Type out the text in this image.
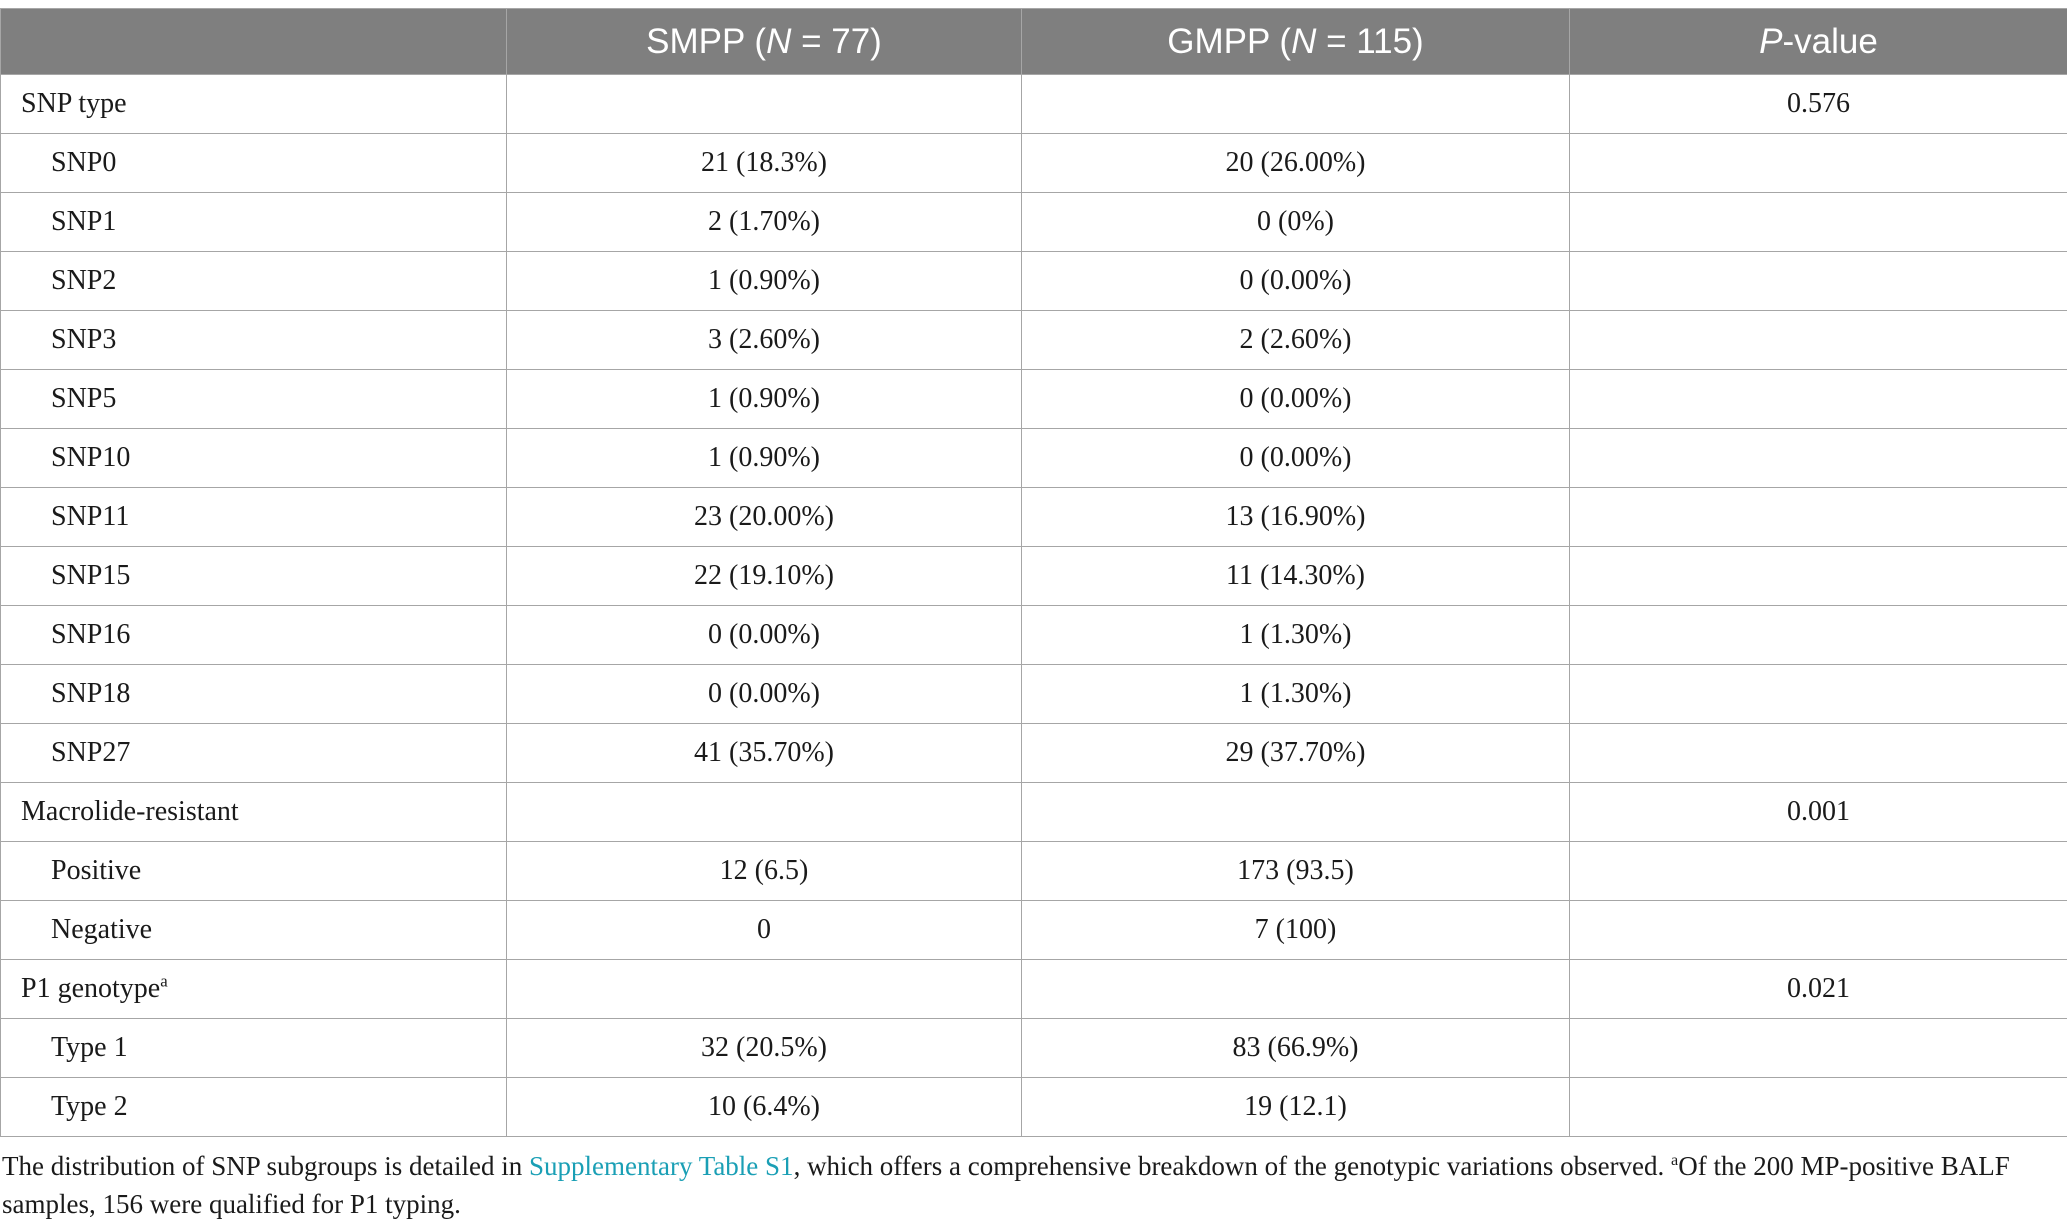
	SMPP (N = 77)	GMPP (N = 115)	P-value
SNP type			0.576
SNP0	21 (18.3%)	20 (26.00%)	
SNP1	2 (1.70%)	0 (0%)	
SNP2	1 (0.90%)	0 (0.00%)	
SNP3	3 (2.60%)	2 (2.60%)	
SNP5	1 (0.90%)	0 (0.00%)	
SNP10	1 (0.90%)	0 (0.00%)	
SNP11	23 (20.00%)	13 (16.90%)	
SNP15	22 (19.10%)	11 (14.30%)	
SNP16	0 (0.00%)	1 (1.30%)	
SNP18	0 (0.00%)	1 (1.30%)	
SNP27	41 (35.70%)	29 (37.70%)	
Macrolide-resistant			0.001
Positive	12 (6.5)	173 (93.5)	
Negative	0	7 (100)	
P1 genotype$^a$			0.021
Type 1	32 (20.5%)	83 (66.9%)	
Type 2	10 (6.4%)	19 (12.1)	
The distribution of SNP subgroups is detailed in Supplementary Table S1, which offers a comprehensive breakdown of the genotypic variations observed. $^a$Of the 200 MP-positive BALF samples, 156 were qualified for P1 typing.
